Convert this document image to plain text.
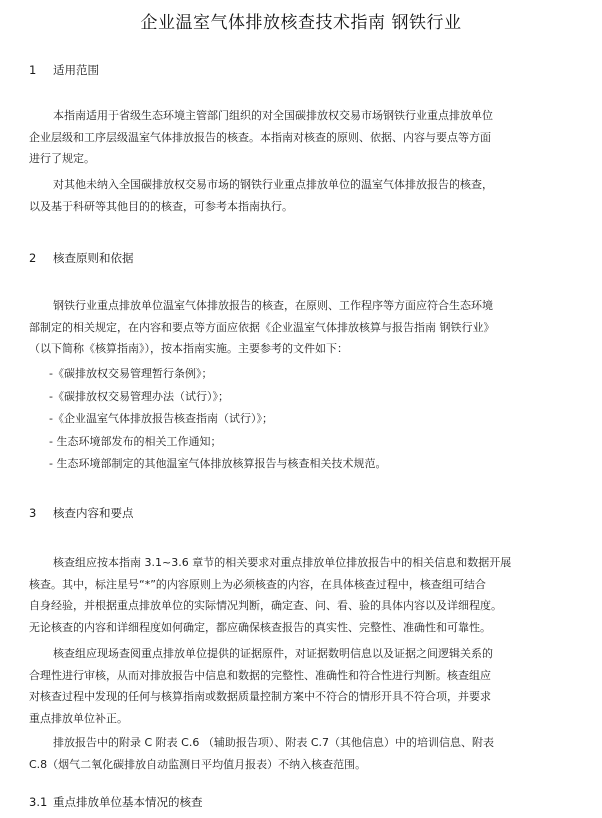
企业温室气体排放核查技术指南 钢铁行业
1 适用范围
本指南适用于省级生态环境主管部门组织的对全国碳排放权交易市场钢铁行业重点排放单位
企业层级和工序层级温室气体排放报告的核查。本指南对核查的原则、依据、内容与要点等方面
进行了规定。
对其他未纳入全国碳排放权交易市场的钢铁行业重点排放单位的温室气体排放报告的核查，
以及基于科研等其他目的的核查，可参考本指南执行。
2 核查原则和依据
钢铁行业重点排放单位温室气体排放报告的核查，在原则、工作程序等方面应符合生态环境
部制定的相关规定，在内容和要点等方面应依据《企业温室气体排放核算与报告指南 钢铁行业》
（以下简称《核算指南》），按本指南实施。主要参考的文件如下：
-《碳排放权交易管理暂行条例》；
-《碳排放权交易管理办法（试行）》；
-《企业温室气体排放报告核查指南（试行）》；
- 生态环境部发布的相关工作通知；
- 生态环境部制定的其他温室气体排放核算报告与核查相关技术规范。
3 核查内容和要点
核查组应按本指南 3.1~3.6 章节的相关要求对重点排放单位排放报告中的相关信息和数据开展
核查。其中，标注星号“*”的内容原则上为必须核查的内容，在具体核查过程中，核查组可结合
自身经验，并根据重点排放单位的实际情况判断，确定查、问、看、验的具体内容以及详细程度。
无论核查的内容和详细程度如何确定，都应确保核查报告的真实性、完整性、准确性和可靠性。
核查组应现场查阅重点排放单位提供的证据原件，对证据数明信息以及证据之间逻辑关系的
合理性进行审核，从而对排放报告中信息和数据的完整性、准确性和符合性进行判断。核查组应
对核查过程中发现的任何与核算指南或数据质量控制方案中不符合的情形开具不符合项，并要求
重点排放单位补正。
排放报告中的附录 C 附表 C.6 （辅助报告项）、附表 C.7（其他信息）中的培训信息、附表
C.8（烟气二氧化碳排放自动监测日平均值月报表）不纳入核查范围。
3.1 重点排放单位基本情况的核查
